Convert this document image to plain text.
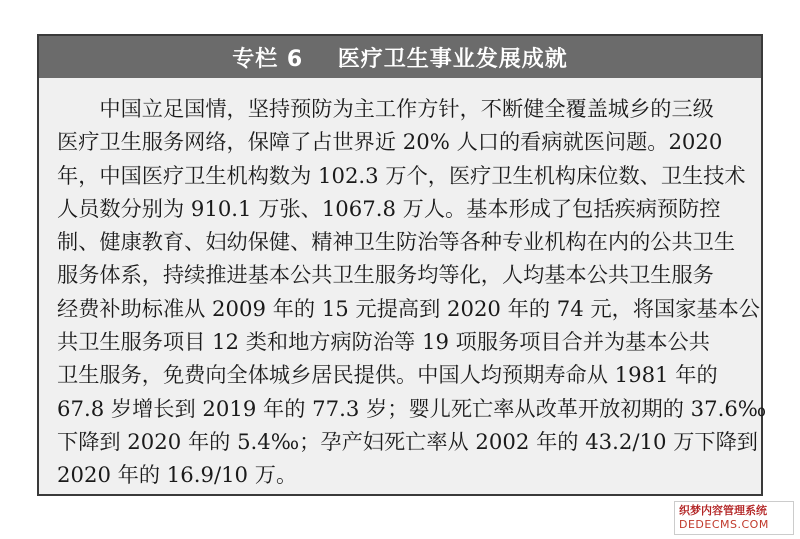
专栏 6    医疗卫生事业发展成就
　　中国立足国情，坚持预防为主工作方针，不断健全覆盖城乡的三级
医疗卫生服务网络，保障了占世界近 20% 人口的看病就医问题。2020
年，中国医疗卫生机构数为 102.3 万个，医疗卫生机构床位数、卫生技术
人员数分别为 910.1 万张、1067.8 万人。基本形成了包括疾病预防控
制、健康教育、妇幼保健、精神卫生防治等各种专业机构在内的公共卫生
服务体系，持续推进基本公共卫生服务均等化，人均基本公共卫生服务
经费补助标准从 2009 年的 15 元提高到 2020 年的 74 元，将国家基本公
共卫生服务项目 12 类和地方病防治等 19 项服务项目合并为基本公共
卫生服务，免费向全体城乡居民提供。中国人均预期寿命从 1981 年的
67.8 岁增长到 2019 年的 77.3 岁；婴儿死亡率从改革开放初期的 37.6‰
下降到 2020 年的 5.4‰；孕产妇死亡率从 2002 年的 43.2/10 万下降到
2020 年的 16.9/10 万。
织梦内容管理系统
DEDECMS.COM
